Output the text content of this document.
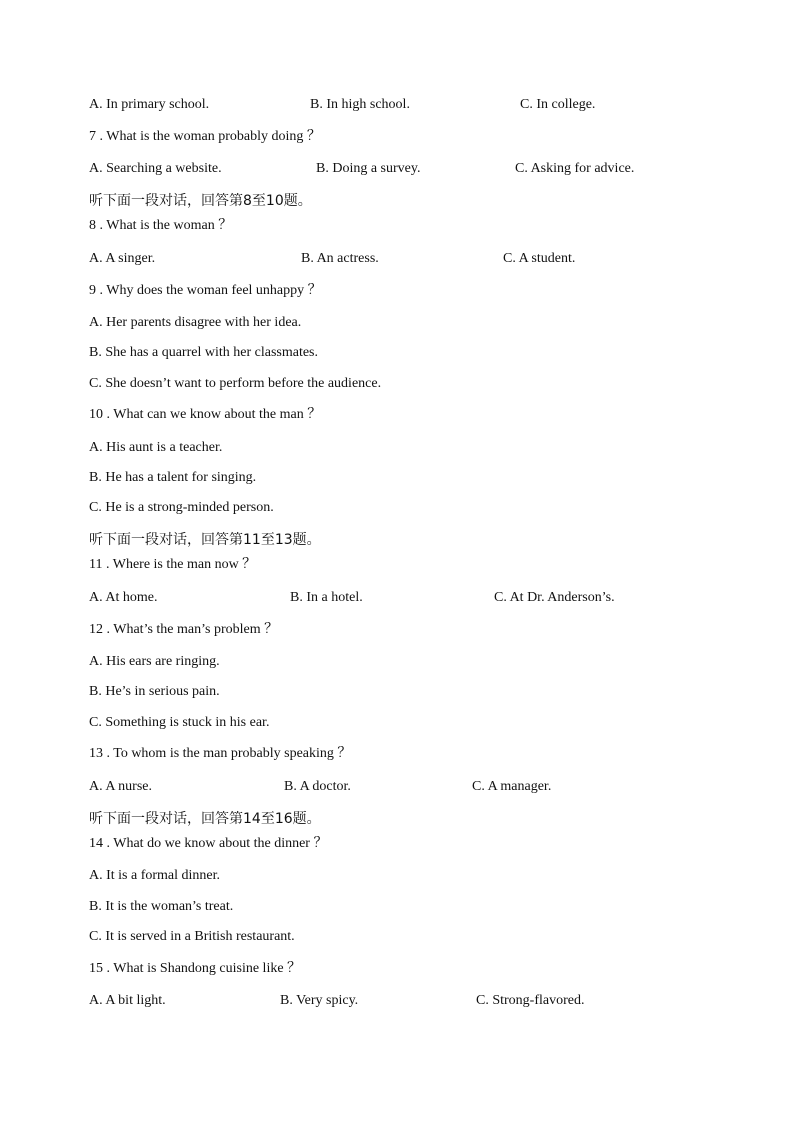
A. In primary school.	B. In high school.	C. In college.
7 . What is the woman probably doing ？
A. Searching a website.	B. Doing a survey.	C. Asking for advice.
听下面一段对话，回答第8至10题。
8 . What is the woman ？
A. A singer.	B. An actress.	C. A student.
9 . Why does the woman feel unhappy ？
A. Her parents disagree with her idea.
B. She has a quarrel with her classmates.
C. She doesn’t want to perform before the audience.
10 . What can we know about the man ？
A. His aunt is a teacher.
B. He has a talent for singing.
C. He is a strong-minded person.
听下面一段对话，回答第11至13题。
11 . Where is the man now ？
A. At home.	B. In a hotel.	C. At Dr. Anderson’s.
12 . What’s the man’s problem ？
A. His ears are ringing.
B. He’s in serious pain.
C. Something is stuck in his ear.
13 . To whom is the man probably speaking ？
A. A nurse.	B. A doctor.	C. A manager.
听下面一段对话，回答第14至16题。
14 . What do we know about the dinner ？
A. It is a formal dinner.
B. It is the woman’s treat.
C. It is served in a British restaurant.
15 . What is Shandong cuisine like ？
A. A bit light.	B. Very spicy.	C. Strong-flavored.
